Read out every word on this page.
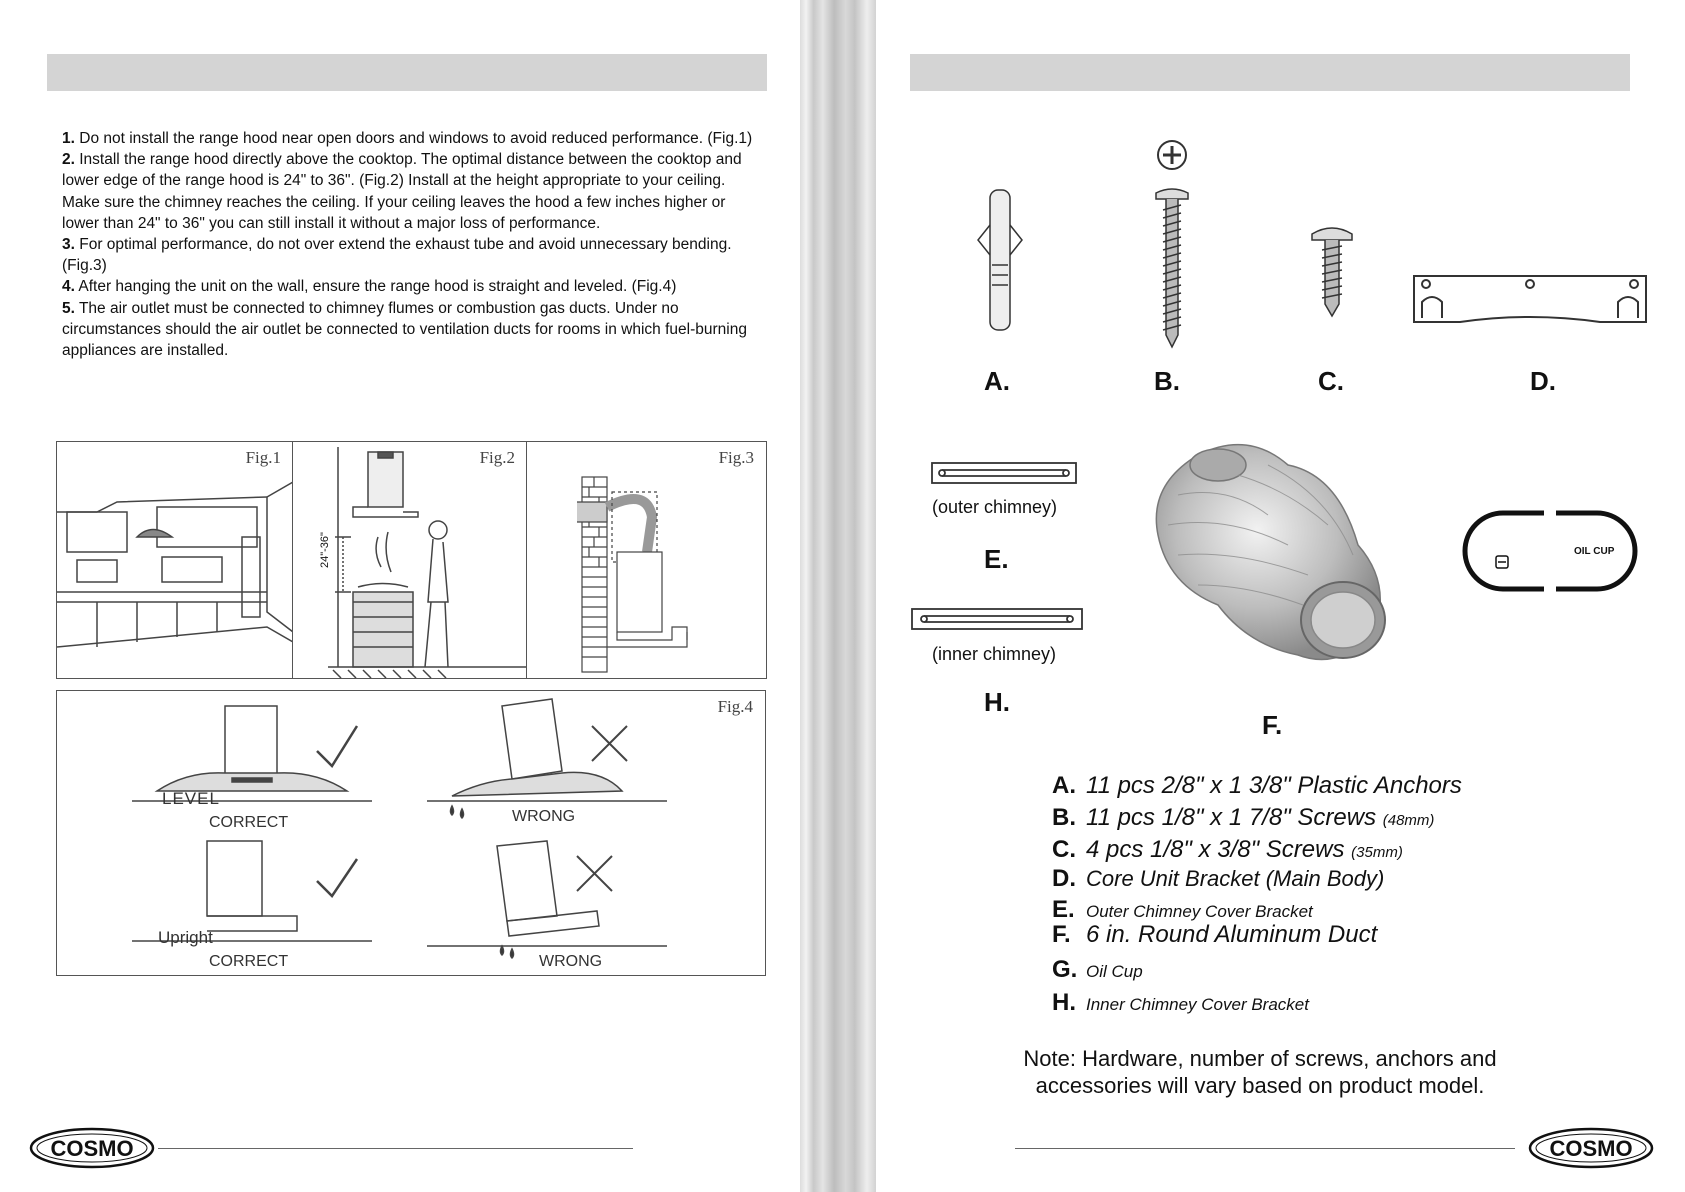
1. Do not install the range hood near open doors and windows to avoid reduced performance. (Fig.1)

2. Install the range hood directly above the cooktop. The optimal distance between the cooktop and lower edge of the range hood is 24" to 36". (Fig.2) Install at the height appropriate to your ceiling. Make sure the chimney reaches the ceiling. If your ceiling leaves the hood a few inches higher or lower than 24" to 36" you can still install it without a major loss of performance.

3. For optimal performance, do not over extend the exhaust tube and avoid unnecessary bending. (Fig.3)

4. After hanging the unit on the wall, ensure the range hood is straight and leveled. (Fig.4)

5. The air outlet must be connected to chimney flumes or combustion gas ducts. Under no circumstances should the air outlet be connected to ventilation ducts for rooms in which fuel-burning appliances are installed.

Fig.1	Fig.2
24"-36"
Fig.3
Fig.4
LEVEL
CORRECT	WRONG
Upright
CORRECT	WRONG
A.	B.	C.	D.
(outer chimney)
E.
(inner chimney)
H.
F.
OIL CUP
A. 11 pcs 2/8" x 1 3/8" Plastic Anchors
B. 11 pcs 1/8" x 1 7/8" Screws (48mm)
C. 4 pcs 1/8" x 3/8" Screws (35mm)
D. Core Unit Bracket (Main Body)
E. Outer Chimney Cover Bracket
F. 6 in. Round Aluminum Duct
G. Oil Cup
H. Inner Chimney Cover Bracket
Note: Hardware, number of screws, anchors and accessories will vary based on product model.
COSMO	COSMO
